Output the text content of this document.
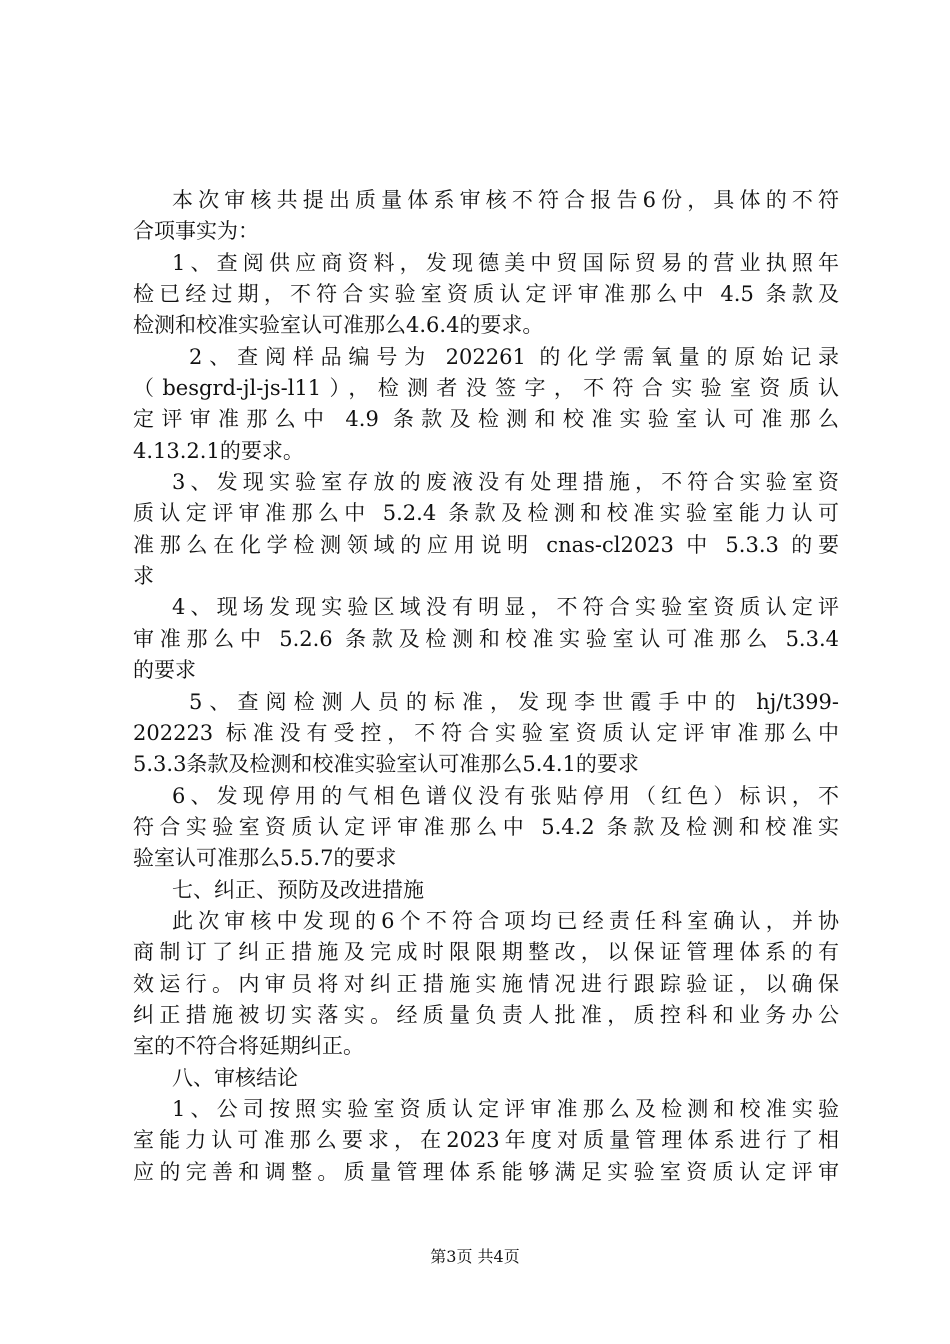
本次审核共提出质量体系审核不符合报告6份，具体的不符
合项事实为：
1、查阅供应商资料，发现德美中贸国际贸易的营业执照年
检已经过期，不符合实验室资质认定评审准那么中 4.5 条款及
检测和校准实验室认可准那么4.6.4的要求。
2、查阅样品编号为 202261 的化学需氧量的原始记录
（besgrd-jl-js-l11），检测者没签字，不符合实验室资质认
定评审准那么中 4.9 条款及检测和校准实验室认可准那么
4.13.2.1的要求。
3、发现实验室存放的废液没有处理措施，不符合实验室资
质认定评审准那么中 5.2.4 条款及检测和校准实验室能力认可
准那么在化学检测领域的应用说明 cnas-cl2023 中 5.3.3 的要
求
4、现场发现实验区域没有明显，不符合实验室资质认定评
审准那么中 5.2.6 条款及检测和校准实验室认可准那么 5.3.4
的要求
5、查阅检测人员的标准，发现李世霞手中的 hj/t399-
202223 标准没有受控，不符合实验室资质认定评审准那么中
5.3.3条款及检测和校准实验室认可准那么5.4.1的要求
6、发现停用的气相色谱仪没有张贴停用（红色）标识，不
符合实验室资质认定评审准那么中 5.4.2 条款及检测和校准实
验室认可准那么5.5.7的要求
七、纠正、预防及改进措施
此次审核中发现的6个不符合项均已经责任科室确认，并协
商制订了纠正措施及完成时限限期整改，以保证管理体系的有
效运行。内审员将对纠正措施实施情况进行跟踪验证，以确保
纠正措施被切实落实。经质量负责人批准，质控科和业务办公
室的不符合将延期纠正。
八、审核结论
1、公司按照实验室资质认定评审准那么及检测和校准实验
室能力认可准那么要求，在2023年度对质量管理体系进行了相
应的完善和调整。质量管理体系能够满足实验室资质认定评审
第3页 共4页
